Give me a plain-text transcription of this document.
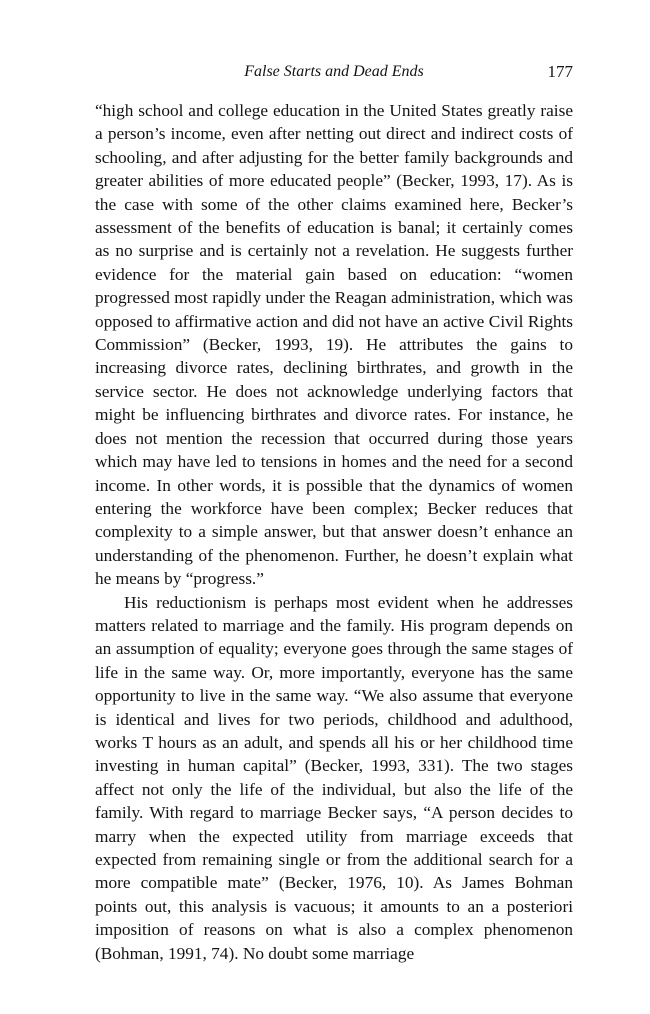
False Starts and Dead Ends	177

“high school and college education in the United States greatly raise a person’s income, even after netting out direct and indirect costs of schooling, and after adjusting for the better family backgrounds and greater abilities of more educated people” (Becker, 1993, 17). As is the case with some of the other claims examined here, Becker’s assessment of the benefits of education is banal; it certainly comes as no surprise and is certainly not a revelation. He suggests further evidence for the material gain based on education: “women progressed most rapidly under the Reagan administration, which was opposed to affirmative action and did not have an active Civil Rights Commission” (Becker, 1993, 19). He attributes the gains to increasing divorce rates, declining birthrates, and growth in the service sector. He does not acknowledge underlying factors that might be influencing birthrates and divorce rates. For instance, he does not mention the recession that occurred during those years which may have led to tensions in homes and the need for a second income. In other words, it is possible that the dynamics of women entering the workforce have been complex; Becker reduces that complexity to a simple answer, but that answer doesn’t enhance an understanding of the phenomenon. Further, he doesn’t explain what he means by “progress.”

His reductionism is perhaps most evident when he addresses matters related to marriage and the family. His program depends on an assumption of equality; everyone goes through the same stages of life in the same way. Or, more importantly, everyone has the same opportunity to live in the same way. “We also assume that everyone is identical and lives for two periods, childhood and adulthood, works T hours as an adult, and spends all his or her childhood time investing in human capital” (Becker, 1993, 331). The two stages affect not only the life of the individual, but also the life of the family. With regard to marriage Becker says, “A person decides to marry when the expected utility from marriage exceeds that expected from remaining single or from the additional search for a more compatible mate” (Becker, 1976, 10). As James Bohman points out, this analysis is vacuous; it amounts to an a posteriori imposition of reasons on what is also a complex phenomenon (Bohman, 1991, 74). No doubt some marriage
